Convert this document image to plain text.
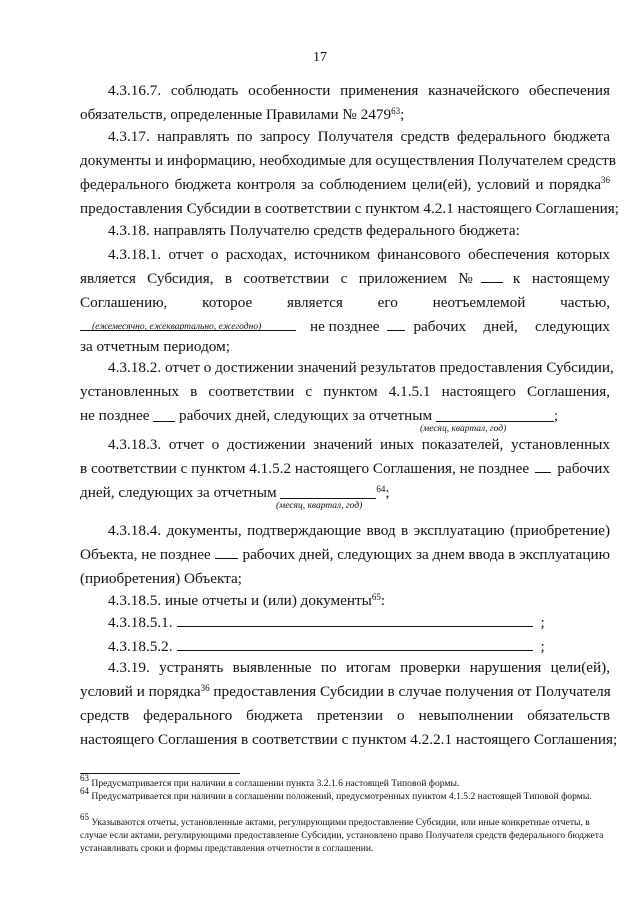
17
4.3.16.7. соблюдать особенности применения казначейского обеспечения
обязательств, определенные Правилами № 2479$^{63}$;
4.3.17. направлять по запросу Получателя средств федерального бюджета
документы и информацию, необходимые для осуществления Получателем средств
федерального бюджета контроля за соблюдением цели(ей), условий и порядка 36
предоставления Субсидии в соответствии с пунктом 4.2.1 настоящего Соглашения;
4.3.18. направлять Получателю средств федерального бюджета:
4.3.18.1. отчет о расходах, источником финансового обеспечения которых
является Субсидия, в соответствии с приложением №	к настоящему
Соглашению, которое является его неотъемлемой частью,
не позднее рабочих дней, следующих
(ежемесячно, ежеквартально, ежегодно)
за отчетным периодом;
4.3.18.2. отчет о достижении значений результатов предоставления Субсидии,
установленных в соответствии с пунктом 4.1.5.1 настоящего Соглашения,
не позднее рабочих дней, следующих за отчетным	;
(месяц, квартал, год)
4.3.18.3. отчет о достижении значений иных показателей, установленных
в соответствии с пунктом 4.1.5.2 настоящего Соглашения, не позднее рабочих
дней, следующих за отчетным	$^{64}$;
(месяц, квартал, год)
4.3.18.4. документы, подтверждающие ввод в эксплуатацию (приобретение)
Объекта, не позднее рабочих дней, следующих за днем ввода в эксплуатацию
(приобретения) Объекта;
4.3.18.5. иные отчеты и (или) документы$^{65}$:
4.3.18.5.1.	;
4.3.18.5.2.	;
4.3.19. устранять выявленные по итогам проверки нарушения цели(ей),
условий и порядка$^{36}$ предоставления Субсидии в случае получения от Получателя
средств федерального бюджета претензии о невыполнении обязательств
настоящего Соглашения в соответствии с пунктом 4.2.2.1 настоящего Соглашения;
$^{63}$ Предусматривается при наличии в соглашении пункта 3.2.1.6 настоящей Типовой формы.
$^{64}$ Предусматривается при наличии в соглашении положений, предусмотренных пунктом 4.1.5.2 настоящей Типовой формы.
$^{65}$ Указываются отчеты, установленные актами, регулирующими предоставление Субсидии, или иные конкретные отчеты, в случае если актами, регулирующими предоставление Субсидии, установлено право Получателя средств федерального бюджета устанавливать сроки и формы представления отчетности в соглашении.
